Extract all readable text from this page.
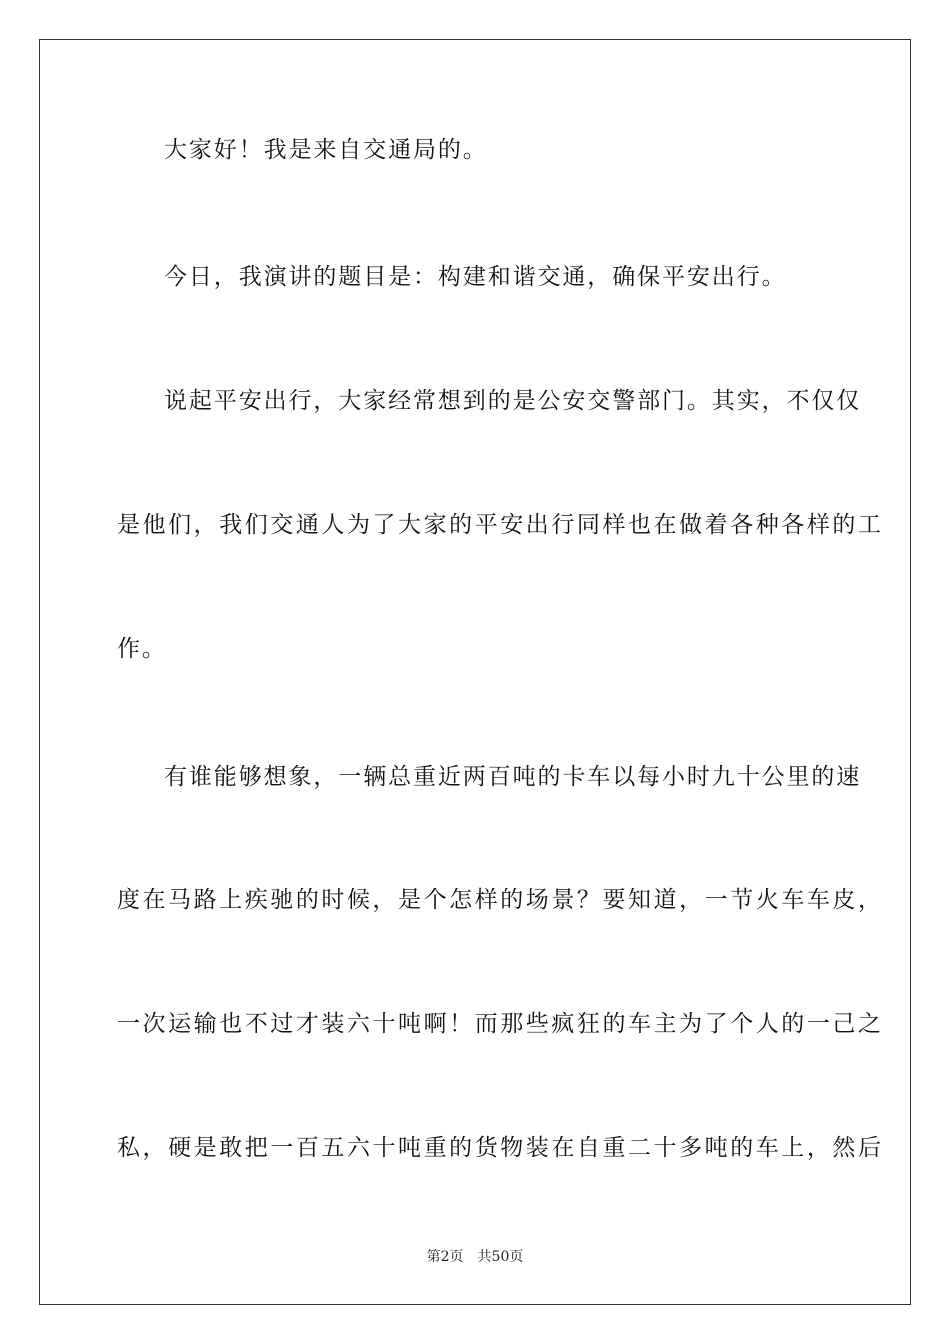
大家好！我是来自交通局的。
今日，我演讲的题目是：构建和谐交通，确保平安出行。
说起平安出行，大家经常想到的是公安交警部门。其实，不仅仅
是他们，我们交通人为了大家的平安出行同样也在做着各种各样的工
作。
有谁能够想象，一辆总重近两百吨的卡车以每小时九十公里的速
度在马路上疾驰的时候，是个怎样的场景？要知道，一节火车车皮，
一次运输也不过才装六十吨啊！而那些疯狂的车主为了个人的一己之
私，硬是敢把一百五六十吨重的货物装在自重二十多吨的车上，然后
第2页 共50页
